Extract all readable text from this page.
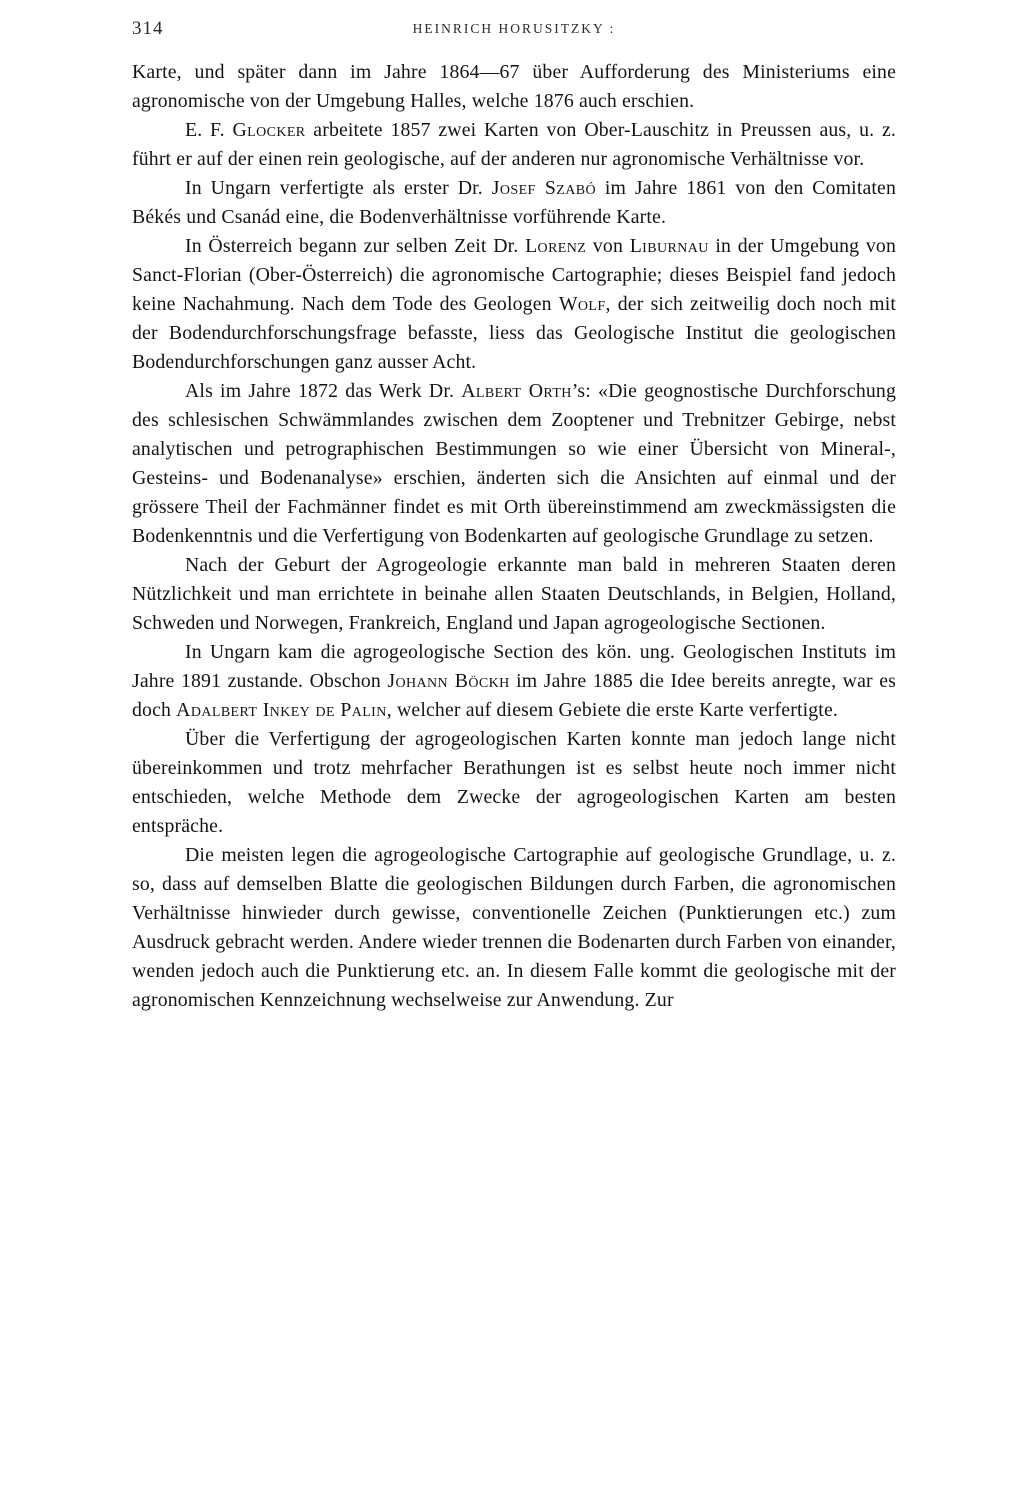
314	HEINRICH HORUSITZKY :

Karte, und später dann im Jahre 1864—67 über Aufforderung des Ministeriums eine agronomische von der Umgebung Halles, welche 1876 auch erschien.

E. F. Glocker arbeitete 1857 zwei Karten von Ober-Lauschitz in Preussen aus, u. z. führt er auf der einen rein geologische, auf der anderen nur agronomische Verhältnisse vor.

In Ungarn verfertigte als erster Dr. Josef Szabó im Jahre 1861 von den Comitaten Békés und Csanád eine, die Bodenverhältnisse vorführende Karte.

In Österreich begann zur selben Zeit Dr. Lorenz von Liburnau in der Umgebung von Sanct-Florian (Ober-Österreich) die agronomische Cartographie; dieses Beispiel fand jedoch keine Nachahmung. Nach dem Tode des Geologen Wolf, der sich zeitweilig doch noch mit der Bodendurchforschungsfrage befasste, liess das Geologische Institut die geologischen Bodendurchforschungen ganz ausser Acht.

Als im Jahre 1872 das Werk Dr. Albert Orth’s: «Die geognostische Durchforschung des schlesischen Schwämmlandes zwischen dem Zooptener und Trebnitzer Gebirge, nebst analytischen und petrographischen Bestimmungen so wie einer Übersicht von Mineral-, Gesteins- und Bodenanalyse» erschien, änderten sich die Ansichten auf einmal und der grössere Theil der Fachmänner findet es mit Orth übereinstimmend am zweckmässigsten die Bodenkenntnis und die Verfertigung von Bodenkarten auf geologische Grundlage zu setzen.

Nach der Geburt der Agrogeologie erkannte man bald in mehreren Staaten deren Nützlichkeit und man errichtete in beinahe allen Staaten Deutschlands, in Belgien, Holland, Schweden und Norwegen, Frankreich, England und Japan agrogeologische Sectionen.

In Ungarn kam die agrogeologische Section des kön. ung. Geologischen Instituts im Jahre 1891 zustande. Obschon Johann Böckh im Jahre 1885 die Idee bereits anregte, war es doch Adalbert Inkey de Palin, welcher auf diesem Gebiete die erste Karte verfertigte.

Über die Verfertigung der agrogeologischen Karten konnte man jedoch lange nicht übereinkommen und trotz mehrfacher Berathungen ist es selbst heute noch immer nicht entschieden, welche Methode dem Zwecke der agrogeologischen Karten am besten entspräche.

Die meisten legen die agrogeologische Cartographie auf geologische Grundlage, u. z. so, dass auf demselben Blatte die geologischen Bildungen durch Farben, die agronomischen Verhältnisse hinwieder durch gewisse, conventionelle Zeichen (Punktierungen etc.) zum Ausdruck gebracht werden. Andere wieder trennen die Bodenarten durch Farben von einander, wenden jedoch auch die Punktierung etc. an. In diesem Falle kommt die geologische mit der agronomischen Kennzeichnung wechselweise zur Anwendung. Zur
